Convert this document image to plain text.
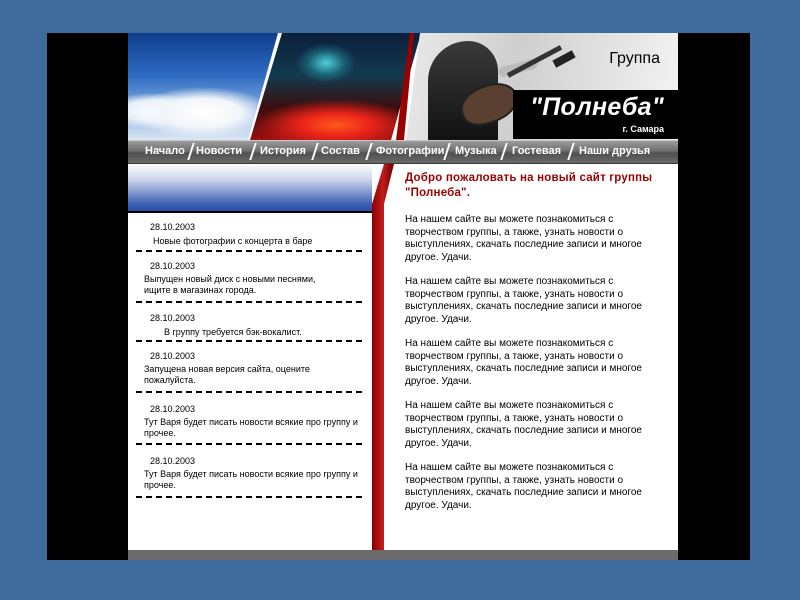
Группа
"Полнеба"
г. Самара
Начало Новости История Состав Фотографии Музыка Гостевая Наши друзья
28.10.2003
Новые фотографии с концерта в баре
28.10.2003
Выпущен новый диск с новыми песнями, ищите в магазинах города.
28.10.2003
В группу требуется бэк-вокалист.
28.10.2003
Запущена новая версия сайта, оцените пожалуйста.
28.10.2003
Тут Варя будет писать новости всякие про группу и прочее.
28.10.2003
Тут Варя будет писать новости всякие про группу и прочее.
Добро пожаловать на новый сайт группы "Полнеба".
На нашем сайте вы можете познакомиться с творчеством группы, а также, узнать новости о выступлениях, скачать последние записи и многое другое. Удачи.
На нашем сайте вы можете познакомиться с творчеством группы, а также, узнать новости о выступлениях, скачать последние записи и многое другое. Удачи.
На нашем сайте вы можете познакомиться с творчеством группы, а также, узнать новости о выступлениях, скачать последние записи и многое другое. Удачи.
На нашем сайте вы можете познакомиться с творчеством группы, а также, узнать новости о выступлениях, скачать последние записи и многое другое. Удачи.
На нашем сайте вы можете познакомиться с творчеством группы, а также, узнать новости о выступлениях, скачать последние записи и многое другое. Удачи.
